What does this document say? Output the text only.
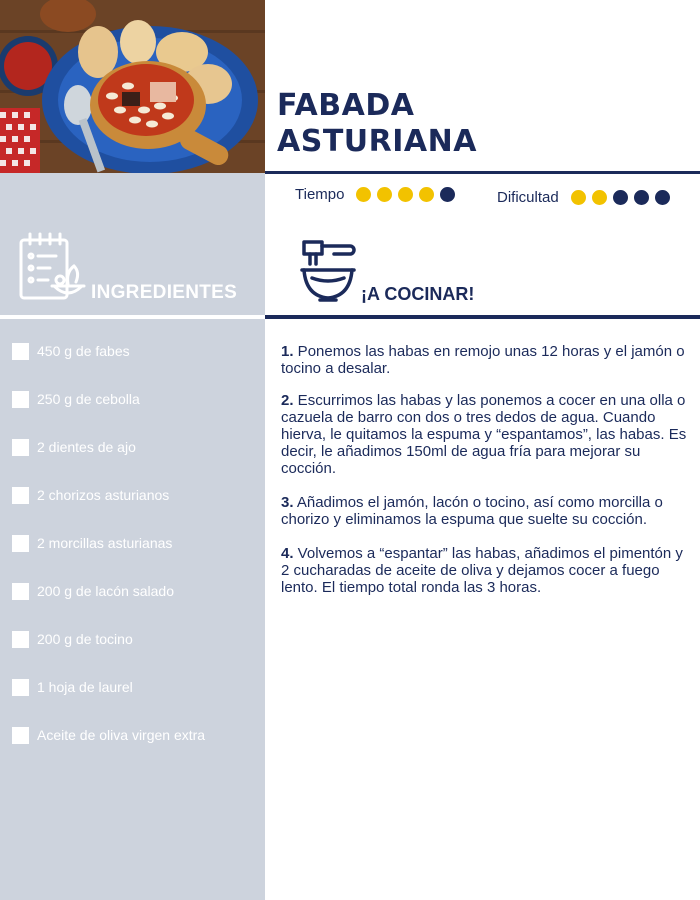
FABADA
ASTURIANA
Tiempo	Dificultad
INGREDIENTES	¡A COCINAR!
450 g de fabes
250 g de cebolla
2 dientes de ajo
2 chorizos asturianos
2 morcillas asturianas
200 g de lacón salado
200 g de tocino
1 hoja de laurel
Aceite de oliva virgen extra

1. Ponemos las habas en remojo unas 12 horas y el jamón o tocino a desalar.

2. Escurrimos las habas y las ponemos a cocer en una olla o cazuela de barro con dos o tres dedos de agua. Cuando hierva, le quitamos la espuma y “espantamos”, las habas. Es decir, le añadimos 150ml de agua fría para mejorar su cocción.

3. Añadimos el jamón, lacón o tocino, así como morcilla o chorizo y eliminamos la espuma que suelte su cocción.

4. Volvemos a “espantar” las habas, añadimos el pimentón y 2 cucharadas de aceite de oliva y dejamos cocer a fuego lento. El tiempo total ronda las 3 horas.
